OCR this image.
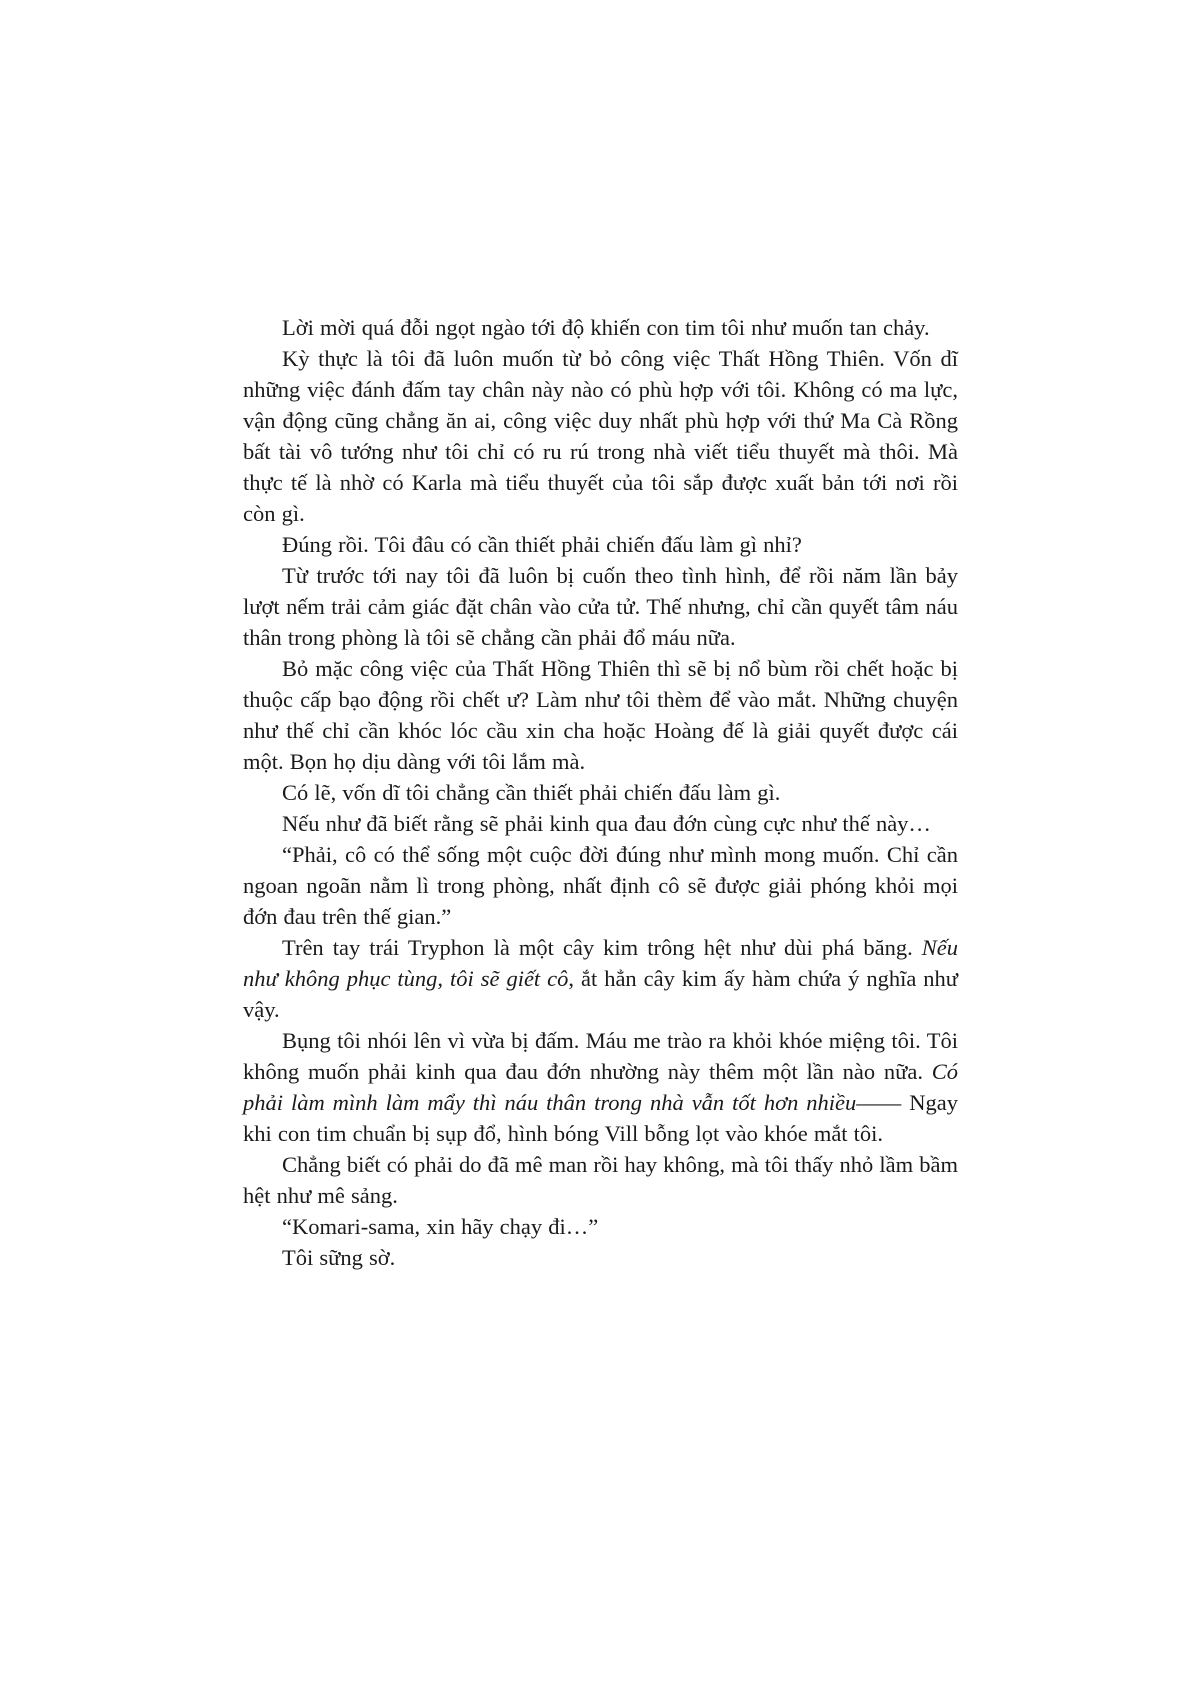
Lời mời quá đỗi ngọt ngào tới độ khiến con tim tôi như muốn tan chảy.

Kỳ thực là tôi đã luôn muốn từ bỏ công việc Thất Hồng Thiên. Vốn dĩ những việc đánh đấm tay chân này nào có phù hợp với tôi. Không có ma lực, vận động cũng chẳng ăn ai, công việc duy nhất phù hợp với thứ Ma Cà Rồng bất tài vô tướng như tôi chỉ có ru rú trong nhà viết tiểu thuyết mà thôi. Mà thực tế là nhờ có Karla mà tiểu thuyết của tôi sắp được xuất bản tới nơi rồi còn gì.

Đúng rồi. Tôi đâu có cần thiết phải chiến đấu làm gì nhỉ?

Từ trước tới nay tôi đã luôn bị cuốn theo tình hình, để rồi năm lần bảy lượt nếm trải cảm giác đặt chân vào cửa tử. Thế nhưng, chỉ cần quyết tâm náu thân trong phòng là tôi sẽ chẳng cần phải đổ máu nữa.

Bỏ mặc công việc của Thất Hồng Thiên thì sẽ bị nổ bùm rồi chết hoặc bị thuộc cấp bạo động rồi chết ư? Làm như tôi thèm để vào mắt. Những chuyện như thế chỉ cần khóc lóc cầu xin cha hoặc Hoàng đế là giải quyết được cái một. Bọn họ dịu dàng với tôi lắm mà.

Có lẽ, vốn dĩ tôi chẳng cần thiết phải chiến đấu làm gì.

Nếu như đã biết rằng sẽ phải kinh qua đau đớn cùng cực như thế này…

“Phải, cô có thể sống một cuộc đời đúng như mình mong muốn. Chỉ cần ngoan ngoãn nằm lì trong phòng, nhất định cô sẽ được giải phóng khỏi mọi đớn đau trên thế gian.”

Trên tay trái Tryphon là một cây kim trông hệt như dùi phá băng. Nếu như không phục tùng, tôi sẽ giết cô, ắt hẳn cây kim ấy hàm chứa ý nghĩa như vậy.

Bụng tôi nhói lên vì vừa bị đấm. Máu me trào ra khỏi khóe miệng tôi. Tôi không muốn phải kinh qua đau đớn nhường này thêm một lần nào nữa. Có phải làm mình làm mẩy thì náu thân trong nhà vẫn tốt hơn nhiều—— Ngay khi con tim chuẩn bị sụp đổ, hình bóng Vill bỗng lọt vào khóe mắt tôi.

Chẳng biết có phải do đã mê man rồi hay không, mà tôi thấy nhỏ lầm bầm hệt như mê sảng.

“Komari-sama, xin hãy chạy đi…”

Tôi sững sờ.
